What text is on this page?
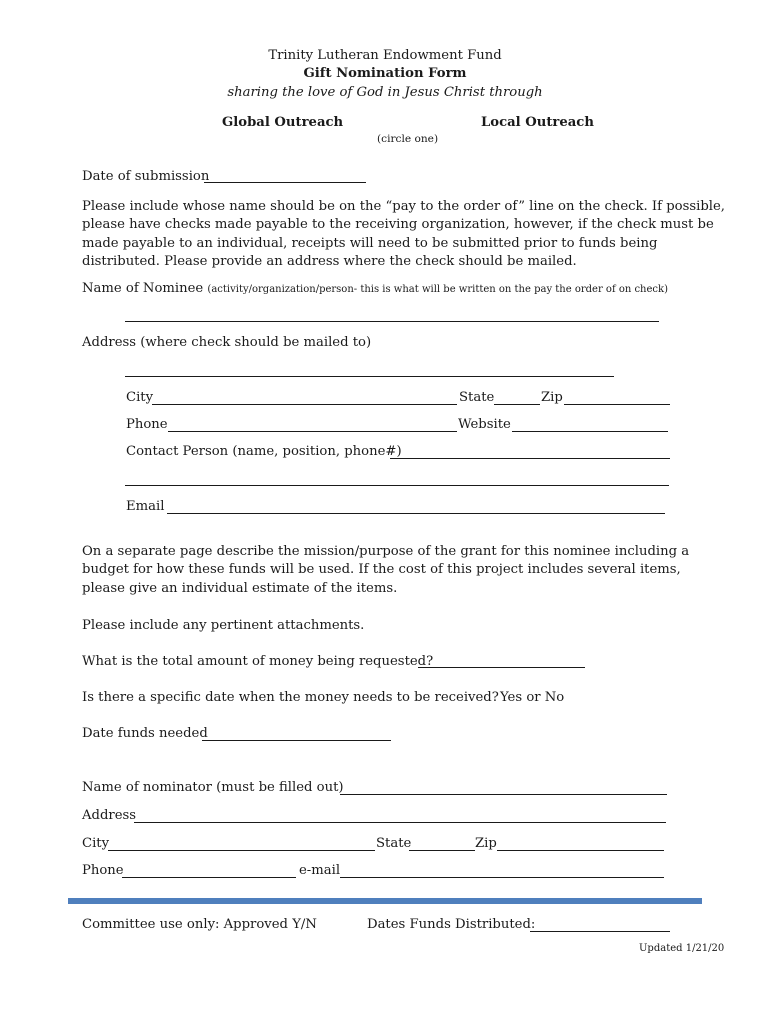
Trinity Lutheran Endowment Fund
Gift Nomination Form
sharing the love of God in Jesus Christ through
Global Outreach	Local Outreach
(circle one)
Date of submission
Please include whose name should be on the “pay to the order of” line on the check. If possible, please have checks made payable to the receiving organization, however, if the check must be made payable to an individual, receipts will need to be submitted prior to funds being distributed. Please provide an address where the check should be mailed.
Name of Nominee (activity/organization/person- this is what will be written on the pay the order of on check)
Address (where check should be mailed to)
City	State	Zip
Phone	Website
Contact Person (name, position, phone#)
Email
On a separate page describe the mission/purpose of the grant for this nominee including a budget for how these funds will be used. If the cost of this project includes several items, please give an individual estimate of the items.
Please include any pertinent attachments.
What is the total amount of money being requested?
Is there a specific date when the money needs to be received? Yes or No
Date funds needed
Name of nominator (must be filled out)
Address
City	State	Zip
Phone	e-mail
Committee use only: Approved Y/N	Dates Funds Distributed:
Updated 1/21/20
